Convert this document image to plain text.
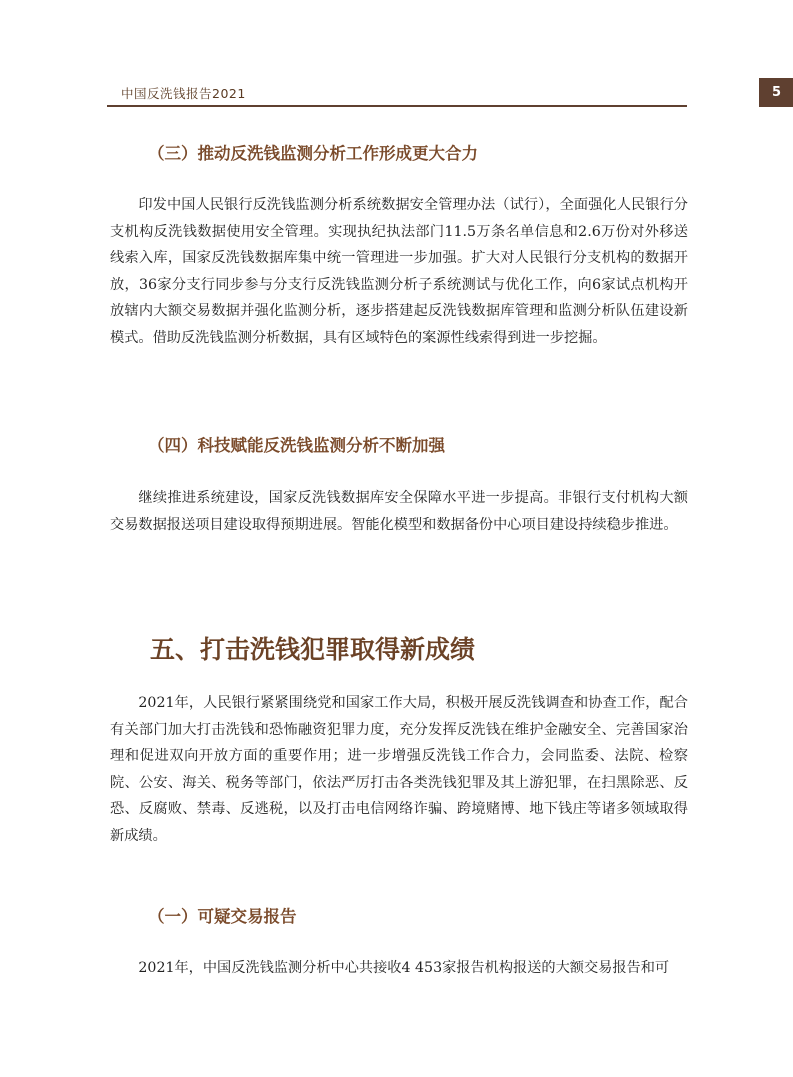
中国反洗钱报告2021	5
（三）推动反洗钱监测分析工作形成更大合力

印发中国人民银行反洗钱监测分析系统数据安全管理办法（试行），全面强化人民银行分支机构反洗钱数据使用安全管理。实现执纪执法部门11.5万条名单信息和2.6万份对外移送线索入库，国家反洗钱数据库集中统一管理进一步加强。扩大对人民银行分支机构的数据开放，36家分支行同步参与分支行反洗钱监测分析子系统测试与优化工作，向6家试点机构开放辖内大额交易数据并强化监测分析，逐步搭建起反洗钱数据库管理和监测分析队伍建设新模式。借助反洗钱监测分析数据，具有区域特色的案源性线索得到进一步挖掘。

（四）科技赋能反洗钱监测分析不断加强

继续推进系统建设，国家反洗钱数据库安全保障水平进一步提高。非银行支付机构大额交易数据报送项目建设取得预期进展。智能化模型和数据备份中心项目建设持续稳步推进。

五、打击洗钱犯罪取得新成绩

2021年，人民银行紧紧围绕党和国家工作大局，积极开展反洗钱调查和协查工作，配合有关部门加大打击洗钱和恐怖融资犯罪力度，充分发挥反洗钱在维护金融安全、完善国家治理和促进双向开放方面的重要作用；进一步增强反洗钱工作合力，会同监委、法院、检察院、公安、海关、税务等部门，依法严厉打击各类洗钱犯罪及其上游犯罪，在扫黑除恶、反恐、反腐败、禁毒、反逃税，以及打击电信网络诈骗、跨境赌博、地下钱庄等诸多领域取得新成绩。

（一）可疑交易报告

2021年，中国反洗钱监测分析中心共接收4 453家报告机构报送的大额交易报告和可
